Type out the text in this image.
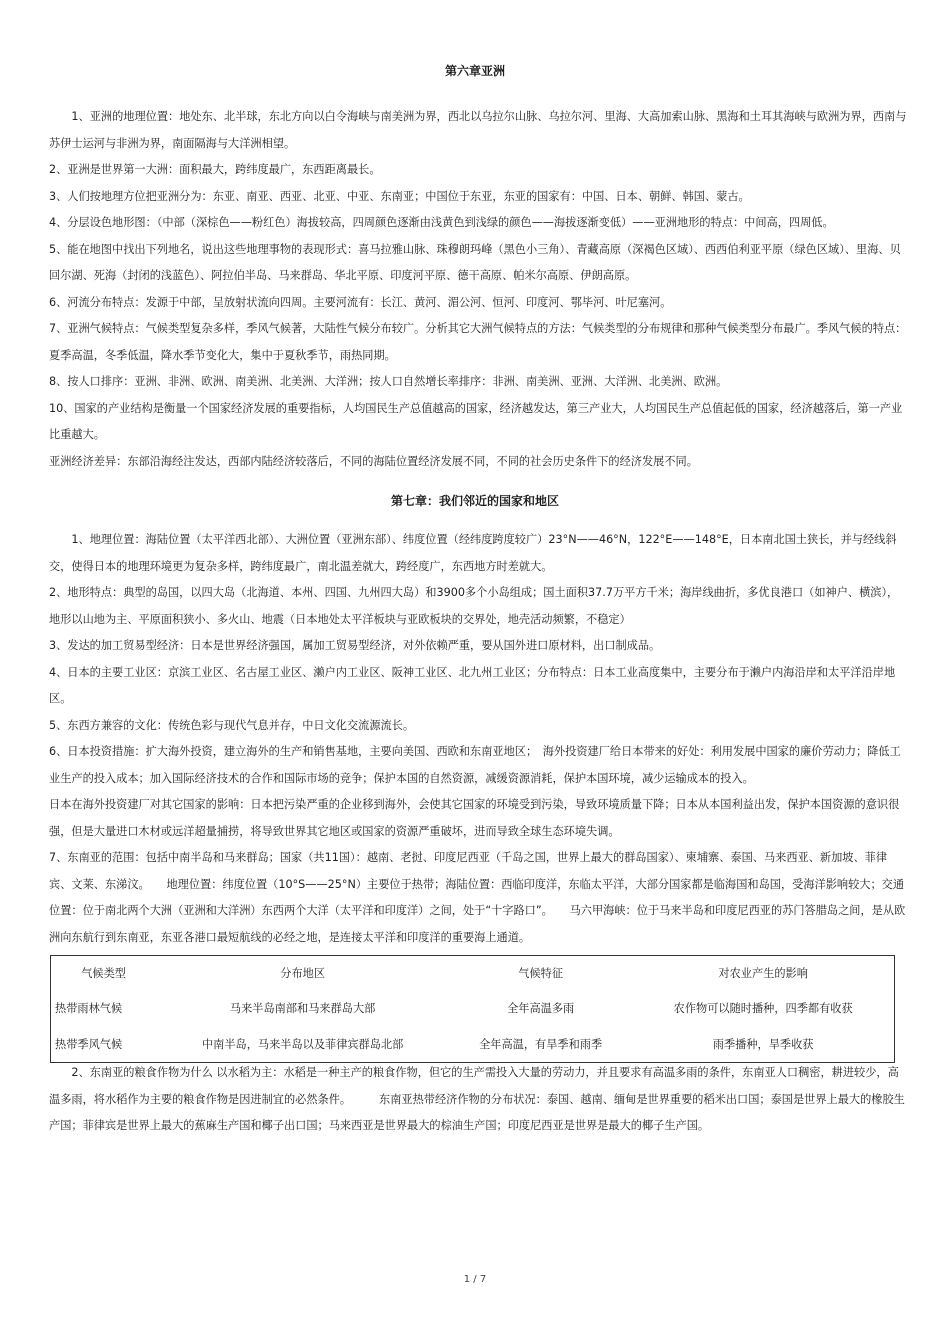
第六章亚洲

1、亚洲的地理位置：地处东、北半球，东北方向以白令海峡与南美洲为界，西北以乌拉尔山脉、乌拉尔河、里海、大高加索山脉、黑海和土耳其海峡与欧洲为界，西南与苏伊士运河与非洲为界，南面隔海与大洋洲相望。

2、亚洲是世界第一大洲：面积最大，跨纬度最广，东西距离最长。

3、人们按地理方位把亚洲分为：东亚、南亚、西亚、北亚、中亚、东南亚；中国位于东亚，东亚的国家有：中国、日本、朝鲜、韩国、蒙古。

4、分层设色地形图：（中部（深棕色——粉红色）海拔较高，四周颜色逐渐由浅黄色到浅绿的颜色——海拔逐渐变低）——亚洲地形的特点：中间高，四周低。

5、能在地图中找出下列地名，说出这些地理事物的表现形式：喜马拉雅山脉、珠穆朗玛峰（黑色小三角）、青藏高原（深褐色区域）、西西伯利亚平原（绿色区域）、里海、贝回尔湖、死海（封闭的浅蓝色）、阿拉伯半岛、马来群岛、华北平原、印度河平原、德干高原、帕米尔高原、伊朗高原。

6、河流分布特点：发源于中部，呈放射状流向四周。主要河流有：长江、黄河、湄公河、恒河、印度河、鄂毕河、叶尼塞河。

7、亚洲气候特点：气候类型复杂多样，季风气候著，大陆性气候分布较广。分析其它大洲气候特点的方法：气候类型的分布规律和那种气候类型分布最广。季风气候的特点：夏季高温，冬季低温，降水季节变化大，集中于夏秋季节，雨热同期。

8、按人口排序：亚洲、非洲、欧洲、南美洲、北美洲、大洋洲；按人口自然增长率排序：非洲、南美洲、亚洲、大洋洲、北美洲、欧洲。

10、国家的产业结构是衡量一个国家经济发展的重要指标，人均国民生产总值越高的国家，经济越发达，第三产业大，人均国民生产总值起低的国家，经济越落后，第一产业比重越大。

亚洲经济差异：东部沿海经注发达，西部内陆经济较落后，不同的海陆位置经济发展不同，不同的社会历史条件下的经济发展不同。

第七章：我们邻近的国家和地区

1、地理位置：海陆位置（太平洋西北部）、大洲位置（亚洲东部）、纬度位置（经纬度跨度较广）23°N——46°N，122°E——148°E，日本南北国土狭长，并与经线斜交，使得日本的地理环境更为复杂多样，跨纬度最广，南北温差就大，跨经度广，东西地方时差就大。

2、地形特点：典型的岛国，以四大岛（北海道、本州、四国、九州四大岛）和3900多个小岛组成；国土面积37.7万平方千米；海岸线曲折，多优良港口（如神户、横滨），地形以山地为主、平原面积狭小、多火山、地震（日本地处太平洋板块与亚欧板块的交界处，地壳活动频繁，不稳定）

3、发达的加工贸易型经济：日本是世界经济强国，属加工贸易型经济，对外依赖严重，要从国外进口原材料，出口制成品。

4、日本的主要工业区：京滨工业区、名古屋工业区、濑户内工业区、阪神工业区、北九州工业区；分布特点：日本工业高度集中，主要分布于濑户内海沿岸和太平洋沿岸地区。

5、东西方兼容的文化：传统色彩与现代气息并存，中日文化交流源流长。

6、日本投资措施：扩大海外投资，建立海外的生产和销售基地，主要向美国、西欧和东南亚地区；　海外投资建厂给日本带来的好处：利用发展中国家的廉价劳动力；降低工业生产的投入成本；加入国际经济技术的合作和国际市场的竞争；保护本国的自然资源，减缓资源消耗，保护本国环境，减少运输成本的投入。

日本在海外投资建厂对其它国家的影响：日本把污染严重的企业移到海外，会使其它国家的环境受到污染，导致环境质量下降；日本从本国利益出发，保护本国资源的意识很强，但是大量进口木材或远洋超量捕捞，将导致世界其它地区或国家的资源严重破坏，进而导致全球生态环境失调。

7、东南亚的范围：包括中南半岛和马来群岛；国家（共11国）：越南、老挝、印度尼西亚（千岛之国，世界上最大的群岛国家）、柬埔寨、泰国、马来西亚、新加坡、菲律宾、文莱、东涕汶。　　地理位置：纬度位置（10°S——25°N）主要位于热带；海陆位置：西临印度洋，东临太平洋，大部分国家都是临海国和岛国，受海洋影响较大；交通位置：位于南北两个大洲（亚洲和大洋洲）东西两个大洋（太平洋和印度洋）之间，处于“十字路口”。　　马六甲海峡：位于马来半岛和印度尼西亚的苏门答腊岛之间，是从欧洲向东航行到东南亚，东亚各港口最短航线的必经之地，是连接太平洋和印度洋的重要海上通道。

气候类型	分布地区	气候特征	对农业产生的影响
热带雨林气候	马来半岛南部和马来群岛大部	全年高温多雨	农作物可以随时播种，四季都有收获
热带季风气候	中南半岛，马来半岛以及菲律宾群岛北部	全年高温，有旱季和雨季	雨季播种，旱季收获

2、东南亚的粮食作物为什么 以水稻为主：水稻是一种主产的粮食作物，但它的生产需投入大量的劳动力，并且要求有高温多雨的条件，东南亚人口稠密，耕进较少，高温多雨，将水稻作为主要的粮食作物是因进制宜的必然条件。　　　东南亚热带经济作物的分布状况：泰国、越南、缅甸是世界重要的稻米出口国；泰国是世界上最大的橡胶生产国；菲律宾是世界上最大的蕉麻生产国和椰子出口国；马来西亚是世界最大的棕油生产国；印度尼西亚是世界是最大的椰子生产国。

1 / 7
